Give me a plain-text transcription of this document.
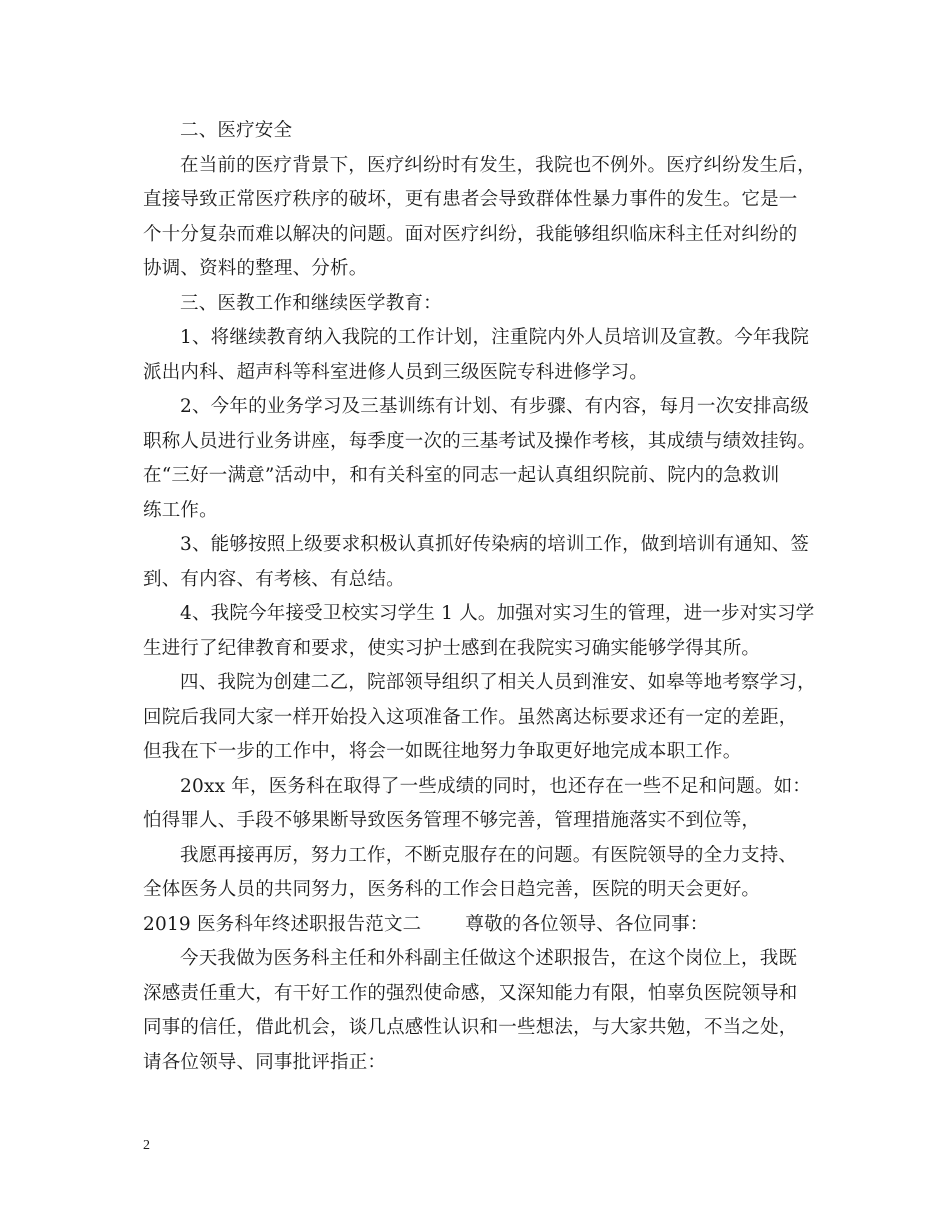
二、医疗安全
在当前的医疗背景下，医疗纠纷时有发生，我院也不例外。医疗纠纷发生后，
直接导致正常医疗秩序的破坏，更有患者会导致群体性暴力事件的发生。它是一
个十分复杂而难以解决的问题。面对医疗纠纷，我能够组织临床科主任对纠纷的
协调、资料的整理、分析。
三、医教工作和继续医学教育：
1、将继续教育纳入我院的工作计划，注重院内外人员培训及宣教。今年我院
派出内科、超声科等科室进修人员到三级医院专科进修学习。
2、今年的业务学习及三基训练有计划、有步骤、有内容，每月一次安排高级
职称人员进行业务讲座，每季度一次的三基考试及操作考核，其成绩与绩效挂钩。
在“三好一满意”活动中，和有关科室的同志一起认真组织院前、院内的急救训
练工作。
3、能够按照上级要求积极认真抓好传染病的培训工作，做到培训有通知、签
到、有内容、有考核、有总结。
4、我院今年接受卫校实习学生 1 人。加强对实习生的管理，进一步对实习学
生进行了纪律教育和要求，使实习护士感到在我院实习确实能够学得其所。
四、我院为创建二乙，院部领导组织了相关人员到淮安、如皋等地考察学习，
回院后我同大家一样开始投入这项准备工作。虽然离达标要求还有一定的差距，
但我在下一步的工作中，将会一如既往地努力争取更好地完成本职工作。
20xx 年，医务科在取得了一些成绩的同时，也还存在一些不足和问题。如：
怕得罪人、手段不够果断导致医务管理不够完善，管理措施落实不到位等，
我愿再接再厉，努力工作，不断克服存在的问题。有医院领导的全力支持、
全体医务人员的共同努力，医务科的工作会日趋完善，医院的明天会更好。
2019 医务科年终述职报告范文二 尊敬的各位领导、各位同事：
今天我做为医务科主任和外科副主任做这个述职报告，在这个岗位上，我既
深感责任重大，有干好工作的强烈使命感，又深知能力有限，怕辜负医院领导和
同事的信任，借此机会，谈几点感性认识和一些想法，与大家共勉，不当之处，
请各位领导、同事批评指正：
2
